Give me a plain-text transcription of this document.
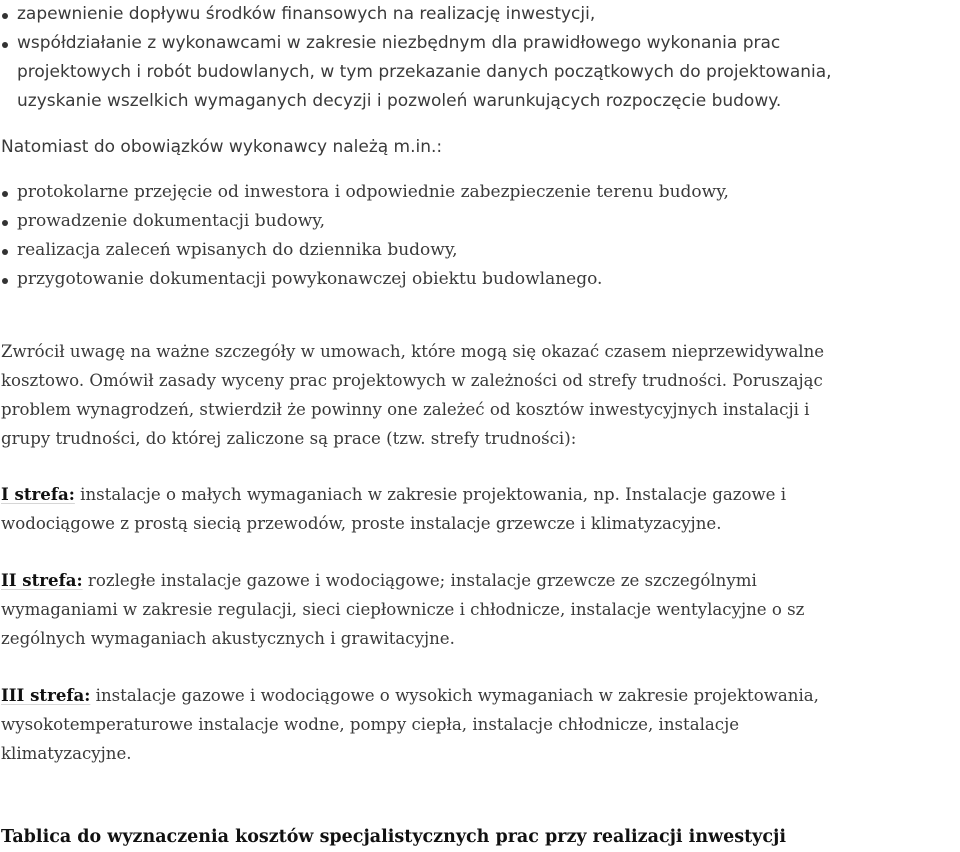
zapewnienie dopływu środków finansowych na realizację inwestycji,
współdziałanie z wykonawcami w zakresie niezbędnym dla prawidłowego wykonania prac
projektowych i robót budowlanych, w tym przekazanie danych początkowych do projektowania,
uzyskanie wszelkich wymaganych decyzji i pozwoleń warunkujących rozpoczęcie budowy.
Natomiast do obowiązków wykonawcy należą m.in.:
protokolarne przejęcie od inwestora i odpowiednie zabezpieczenie terenu budowy,
prowadzenie dokumentacji budowy,
realizacja zaleceń wpisanych do dziennika budowy,
przygotowanie dokumentacji powykonawczej obiektu budowlanego.
Zwrócił uwagę na ważne szczegóły w umowach, które mogą się okazać czasem nieprzewidywalne
kosztowo. Omówił zasady wyceny prac projektowych w zależności od strefy trudności. Poruszając
problem wynagrodzeń, stwierdził że powinny one zależeć od kosztów inwestycyjnych instalacji i
grupy trudności, do której zaliczone są prace (tzw. strefy trudności):
I strefa: instalacje o małych wymaganiach w zakresie projektowania, np. Instalacje gazowe i
wodociągowe z prostą siecią przewodów, proste instalacje grzewcze i klimatyzacyjne.
II strefa: rozległe instalacje gazowe i wodociągowe; instalacje grzewcze ze szczególnymi
wymaganiami w zakresie regulacji, sieci ciepłownicze i chłodnicze, instalacje wentylacyjne o sz
zególnych wymaganiach akustycznych i grawitacyjne.
III strefa: instalacje gazowe i wodociągowe o wysokich wymaganiach w zakresie projektowania,
wysokotemperaturowe instalacje wodne, pompy ciepła, instalacje chłodnicze, instalacje
klimatyzacyjne.
Tablica do wyznaczenia kosztów specjalistycznych prac przy realizacji inwestycji
